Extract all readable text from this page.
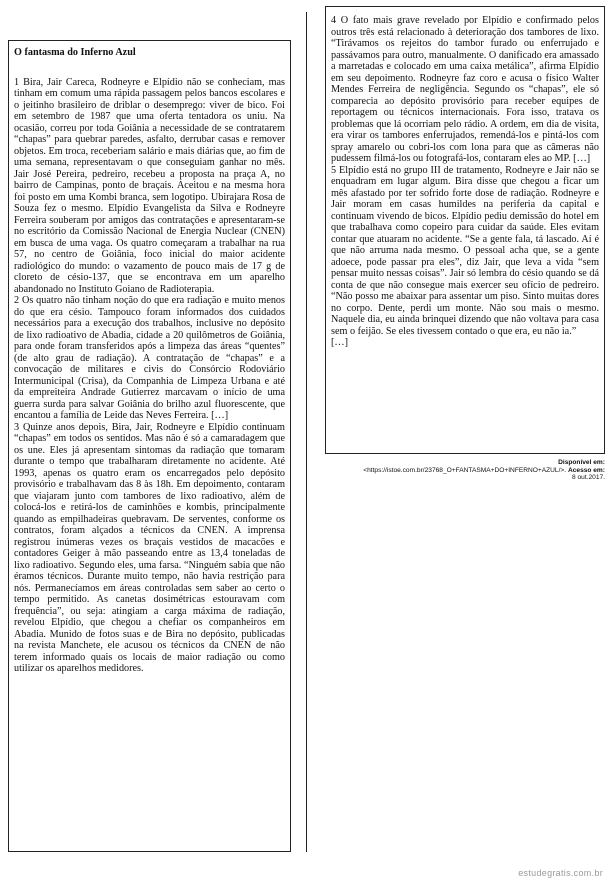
O fantasma do Inferno Azul

1 Bira, Jair Careca, Rodneyre e Elpídio não se conheciam, mas tinham em comum uma rápida passagem pelos bancos escolares e o jeitinho brasileiro de driblar o desemprego: viver de bico. Foi em setembro de 1987 que uma oferta tentadora os uniu. Na ocasião, correu por toda Goiânia a necessidade de se contratarem “chapas” para quebrar paredes, asfalto, derrubar casas e remover objetos. Em troca, receberiam salário e mais diárias que, ao fim de uma semana, representavam o que conseguiam ganhar no mês. Jair José Pereira, pedreiro, recebeu a proposta na praça A, no bairro de Campinas, ponto de braçais. Aceitou e na mesma hora foi posto em uma Kombi branca, sem logotipo. Ubirajara Rosa de Souza fez o mesmo. Elpídio Evangelista da Silva e Rodneyre Ferreira souberam por amigos das contratações e apresentaram-se no escritório da Comissão Nacional de Energia Nuclear (CNEN) em busca de uma vaga. Os quatro começaram a trabalhar na rua 57, no centro de Goiânia, foco inicial do maior acidente radiológico do mundo: o vazamento de pouco mais de 17 g de cloreto de césio-137, que se encontrava em um aparelho abandonado no Instituto Goiano de Radioterapia.

2 Os quatro não tinham noção do que era radiação e muito menos do que era césio. Tampouco foram informados dos cuidados necessários para a execução dos trabalhos, inclusive no depósito de lixo radioativo de Abadia, cidade a 20 quilômetros de Goiânia, para onde foram transferidos após a limpeza das áreas “quentes” (de alto grau de radiação). A contratação de “chapas” e a convocação de militares e civis do Consórcio Rodoviário Intermunicipal (Crisa), da Companhia de Limpeza Urbana e até da empreiteira Andrade Gutierrez marcavam o início de uma guerra surda para salvar Goiânia do brilho azul fluorescente, que encantou a família de Leide das Neves Ferreira. […]

3 Quinze anos depois, Bira, Jair, Rodneyre e Elpídio continuam “chapas” em todos os sentidos. Mas não é só a camaradagem que os une. Eles já apresentam sintomas da radiação que tomaram durante o tempo que trabalharam diretamente no acidente. Até 1993, apenas os quatro eram os encarregados pelo depósito provisório e trabalhavam das 8 às 18h. Em depoimento, contaram que viajaram junto com tambores de lixo radioativo, além de colocá-los e retirá-los de caminhões e kombis, principalmente quando as empilhadeiras quebravam. De serventes, conforme os contratos, foram alçados a técnicos da CNEN. A imprensa registrou inúmeras vezes os braçais vestidos de macacões e contadores Geiger à mão passeando entre as 13,4 toneladas de lixo radioativo. Segundo eles, uma farsa. “Ninguém sabia que não éramos técnicos. Durante muito tempo, não havia restrição para nós. Permanecíamos em áreas controladas sem saber ao certo o tempo permitido. As canetas dosimétricas estouravam com frequência”, ou seja: atingiam a carga máxima de radiação, revelou Elpídio, que chegou a chefiar os companheiros em Abadia. Munido de fotos suas e de Bira no depósito, publicadas na revista Manchete, ele acusou os técnicos da CNEN de não terem informado quais os locais de maior radiação ou como utilizar os aparelhos medidores.

4 O fato mais grave revelado por Elpídio e confirmado pelos outros três está relacionado à deterioração dos tambores de lixo. “Tirávamos os rejeitos do tambor furado ou enferrujado e passávamos para outro, manualmente. O danificado era amassado a marretadas e colocado em uma caixa metálica”, afirma Elpídio em seu depoimento. Rodneyre faz coro e acusa o físico Walter Mendes Ferreira de negligência. Segundo os “chapas”, ele só comparecia ao depósito provisório para receber equipes de reportagem ou técnicos internacionais. Fora isso, tratava os problemas que lá ocorriam pelo rádio. A ordem, em dia de visita, era virar os tambores enferrujados, remendá-los e pintá-los com spray amarelo ou cobri-los com lona para que as câmeras não pudessem filmá-los ou fotografá-los, contaram eles ao MP. […]

5 Elpídio está no grupo III de tratamento, Rodneyre e Jair não se enquadram em lugar algum. Bira disse que chegou a ficar um mês afastado por ter sofrido forte dose de radiação. Rodneyre e Jair moram em casas humildes na periferia da capital e continuam vivendo de bicos. Elpídio pediu demissão do hotel em que trabalhava como copeiro para cuidar da saúde. Eles evitam contar que atuaram no acidente. “Se a gente fala, tá lascado. Aí é que não arruma nada mesmo. O pessoal acha que, se a gente adoece, pode passar pra eles”, diz Jair, que leva a vida “sem pensar muito nessas coisas”. Jair só lembra do césio quando se dá conta de que não consegue mais exercer seu ofício de pedreiro. “Não posso me abaixar para assentar um piso. Sinto muitas dores no corpo. Dente, perdi um monte. Não sou mais o mesmo. Naquele dia, eu ainda brinquei dizendo que não voltava para casa sem o feijão. Se eles tivessem contado o que era, eu não ia.”

[…]

Disponível em:
<https://istoe.com.br/23768_O+FANTASMA+DO+INFERNO+AZUL/>. Acesso em:
8 out.2017.
estudegratis.com.br
